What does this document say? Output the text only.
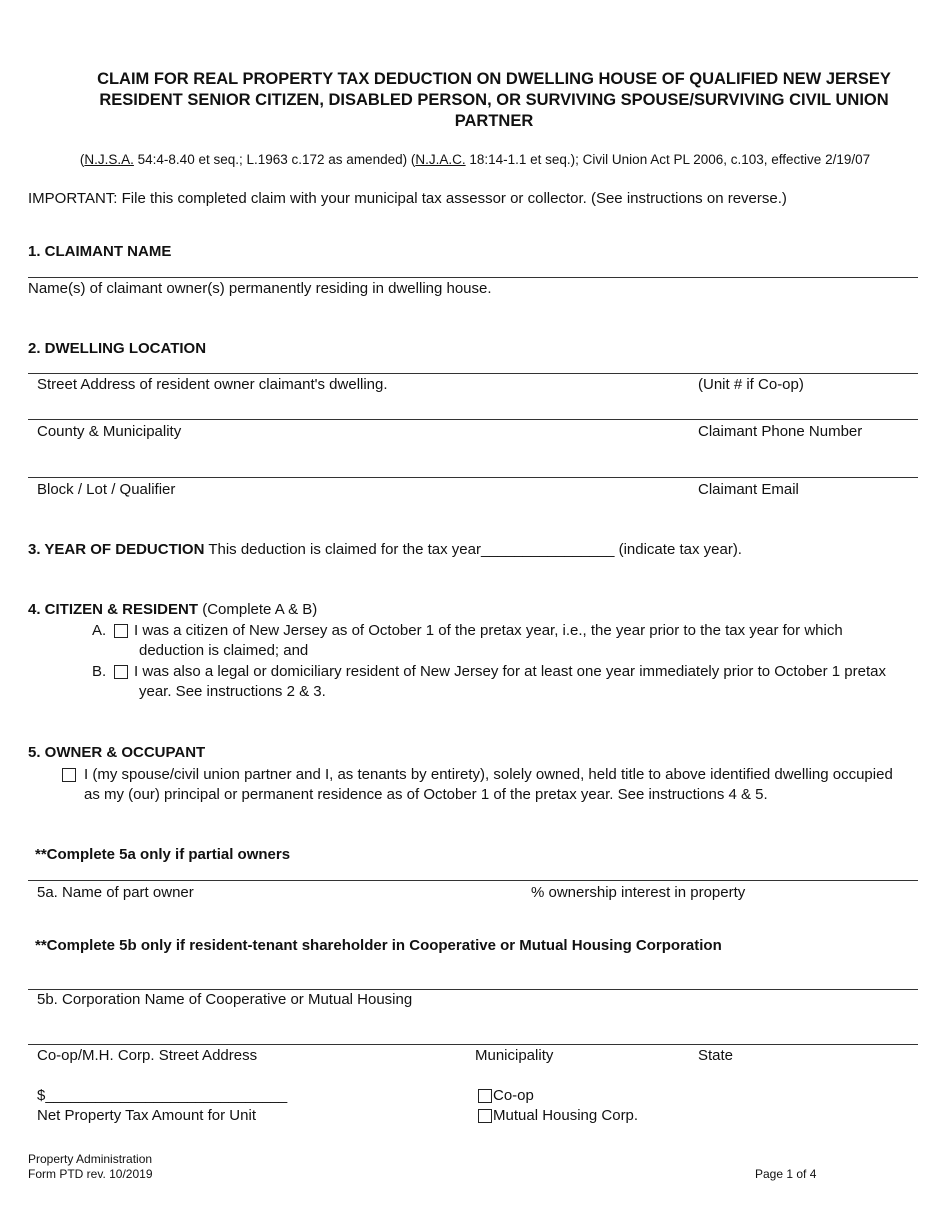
CLAIM FOR REAL PROPERTY TAX DEDUCTION ON DWELLING HOUSE OF QUALIFIED NEW JERSEY
RESIDENT SENIOR CITIZEN, DISABLED PERSON, OR SURVIVING SPOUSE/SURVIVING CIVIL UNION
PARTNER
(N.J.S.A. 54:4-8.40 et seq.; L.1963 c.172 as amended) (N.J.A.C. 18:14-1.1 et seq.); Civil Union Act PL 2006, c.103, effective 2/19/07
IMPORTANT: File this completed claim with your municipal tax assessor or collector. (See instructions on reverse.)
1. CLAIMANT NAME
Name(s) of claimant owner(s) permanently residing in dwelling house.
2. DWELLING LOCATION
Street Address of resident owner claimant's dwelling.	(Unit # if Co-op)
County & Municipality	Claimant Phone Number
Block / Lot / Qualifier	Claimant Email
3. YEAR OF DEDUCTION This deduction is claimed for the tax year________________ (indicate tax year).
4. CITIZEN & RESIDENT (Complete A & B)
A. I was a citizen of New Jersey as of October 1 of the pretax year, i.e., the year prior to the tax year for which
deduction is claimed; and
B. I was also a legal or domiciliary resident of New Jersey for at least one year immediately prior to October 1 pretax
year. See instructions 2 & 3.
5. OWNER & OCCUPANT
I (my spouse/civil union partner and I, as tenants by entirety), solely owned, held title to above identified dwelling occupied
as my (our) principal or permanent residence as of October 1 of the pretax year. See instructions 4 & 5.
**Complete 5a only if partial owners
5a. Name of part owner	% ownership interest in property
**Complete 5b only if resident-tenant shareholder in Cooperative or Mutual Housing Corporation
5b. Corporation Name of Cooperative or Mutual Housing
Co-op/M.H. Corp. Street Address	Municipality	State
$_____________________________
Net Property Tax Amount for Unit
Co-op
Mutual Housing Corp.
Property Administration
Form PTD rev. 10/2019	Page 1 of 4
